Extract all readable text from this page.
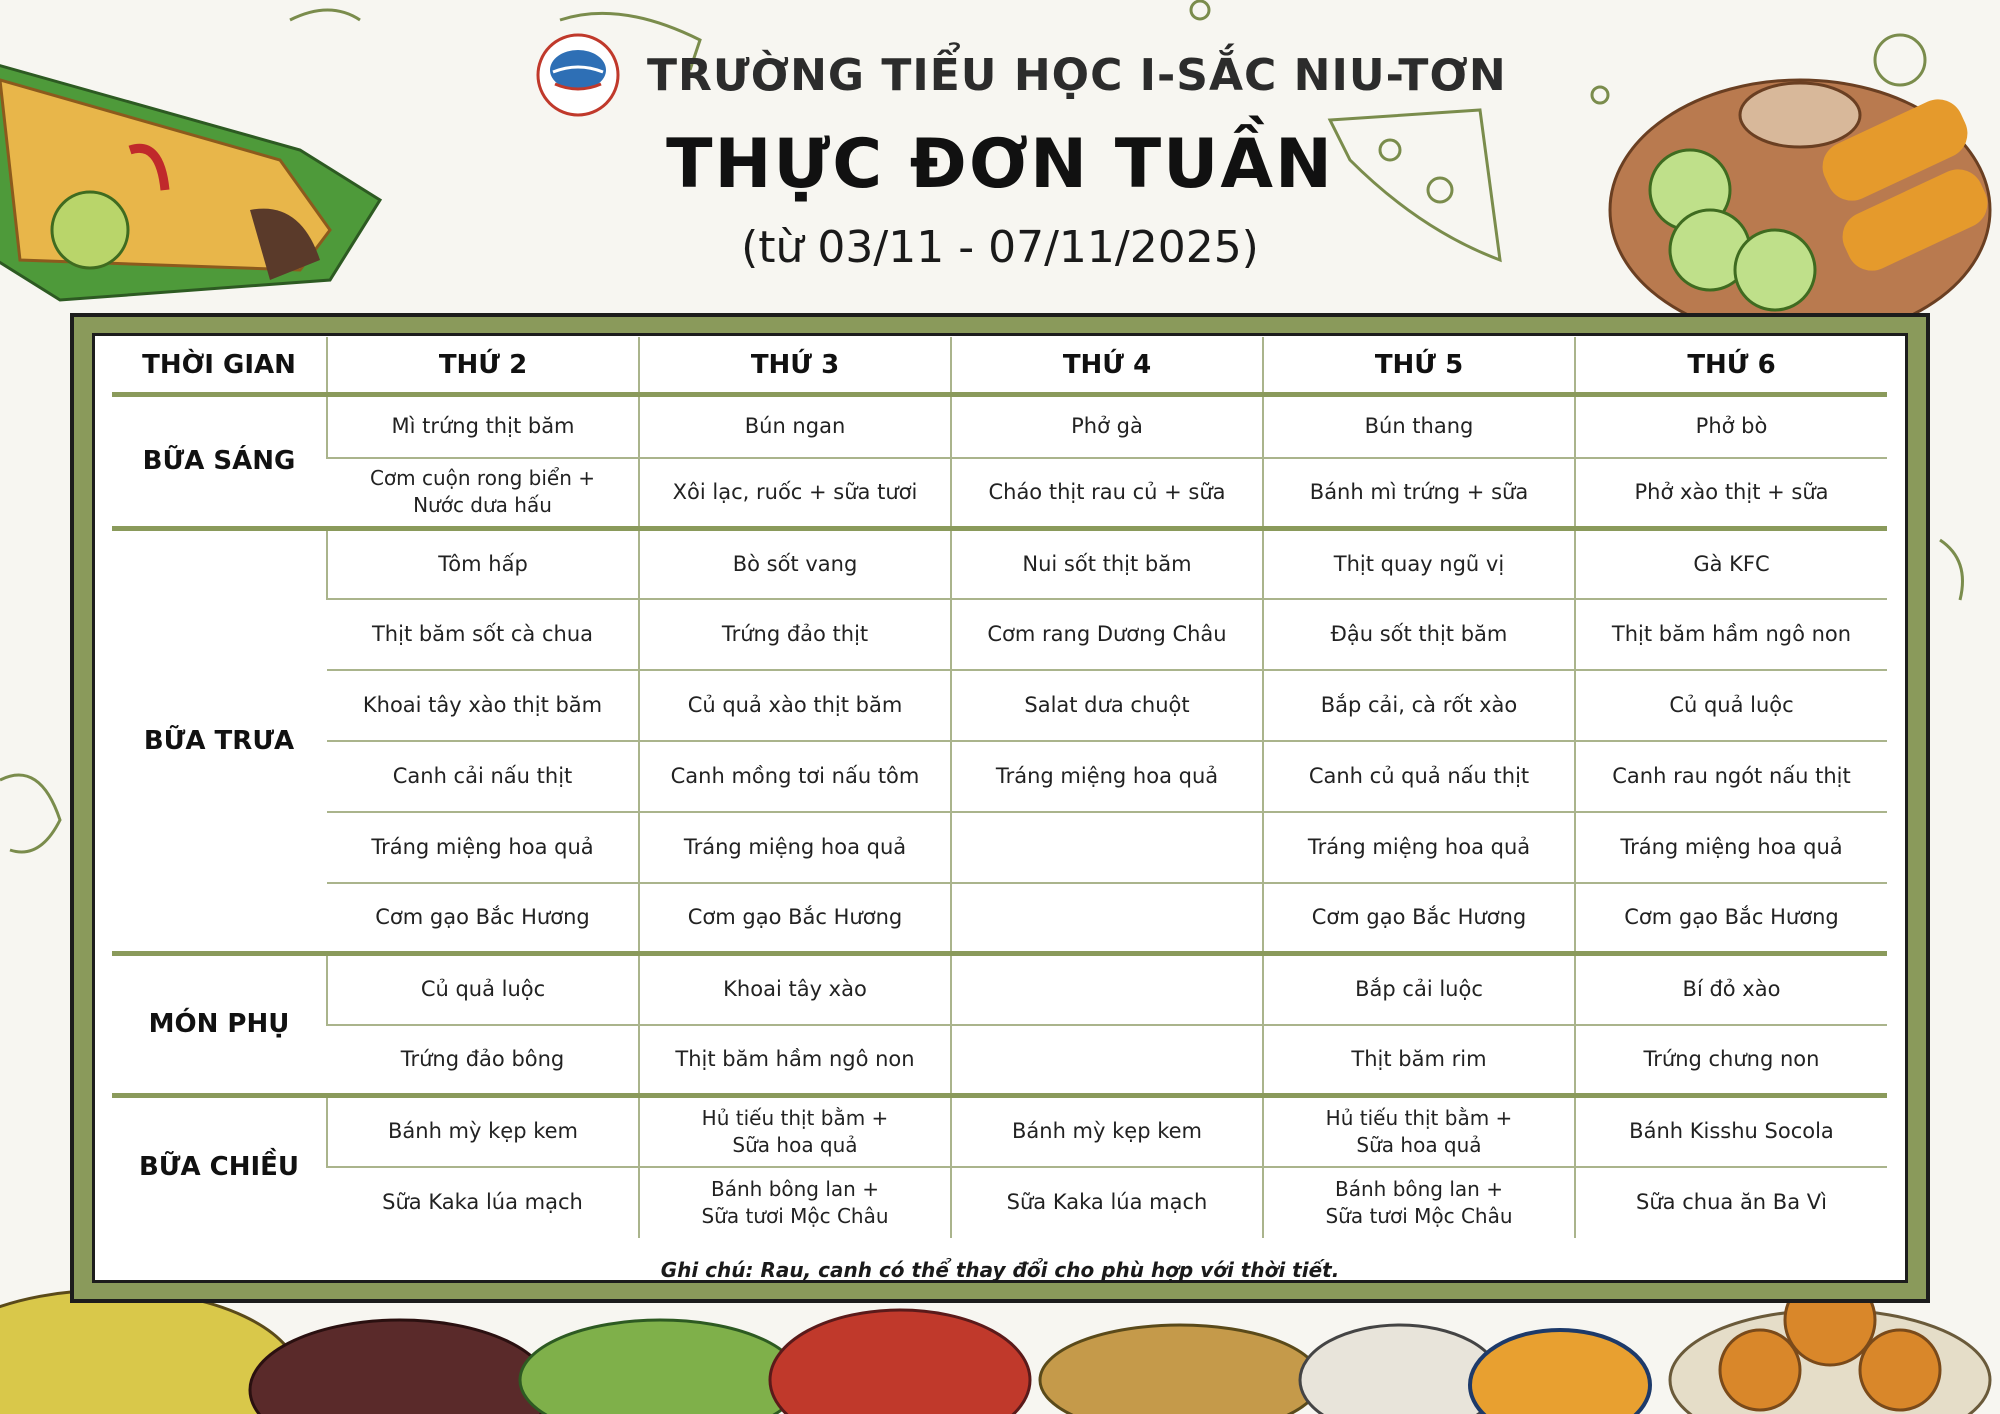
TRƯỜNG TIỂU HỌC I-SẮC NIU-TƠN
THỰC ĐƠN TUẦN
(từ 03/11 - 07/11/2025)
THỜI GIAN	THỨ 2	THỨ 3	THỨ 4	THỨ 5	THỨ 6
BỮA SÁNG	Mì trứng thịt băm	Bún ngan	Phở gà	Bún thang	Phở bò
	Cơm cuộn rong biển +
Nước dưa hấu	Xôi lạc, ruốc + sữa tươi	Cháo thịt rau củ + sữa	Bánh mì trứng + sữa	Phở xào thịt + sữa
BỮA TRƯA	Tôm hấp	Bò sốt vang	Nui sốt thịt băm	Thịt quay ngũ vị	Gà KFC
	Thịt băm sốt cà chua	Trứng đảo thịt	Cơm rang Dương Châu	Đậu sốt thịt băm	Thịt băm hầm ngô non
	Khoai tây xào thịt băm	Củ quả xào thịt băm	Salat dưa chuột	Bắp cải, cà rốt xào	Củ quả luộc
	Canh cải nấu thịt	Canh mồng tơi nấu tôm	Tráng miệng hoa quả	Canh củ quả nấu thịt	Canh rau ngót nấu thịt
	Tráng miệng hoa quả	Tráng miệng hoa quả		Tráng miệng hoa quả	Tráng miệng hoa quả
	Cơm gạo Bắc Hương	Cơm gạo Bắc Hương		Cơm gạo Bắc Hương	Cơm gạo Bắc Hương
MÓN PHỤ	Củ quả luộc	Khoai tây xào		Bắp cải luộc	Bí đỏ xào
	Trứng đảo bông	Thịt băm hầm ngô non		Thịt băm rim	Trứng chưng non
BỮA CHIỀU	Bánh mỳ kẹp kem	Hủ tiếu thịt bằm +
Sữa hoa quả	Bánh mỳ kẹp kem	Hủ tiếu thịt bằm +
Sữa hoa quả	Bánh Kisshu Socola
	Sữa Kaka lúa mạch	Bánh bông lan +
Sữa tươi Mộc Châu	Sữa Kaka lúa mạch	Bánh bông lan +
Sữa tươi Mộc Châu	Sữa chua ăn Ba Vì
Ghi chú: Rau, canh có thể thay đổi cho phù hợp với thời tiết.
